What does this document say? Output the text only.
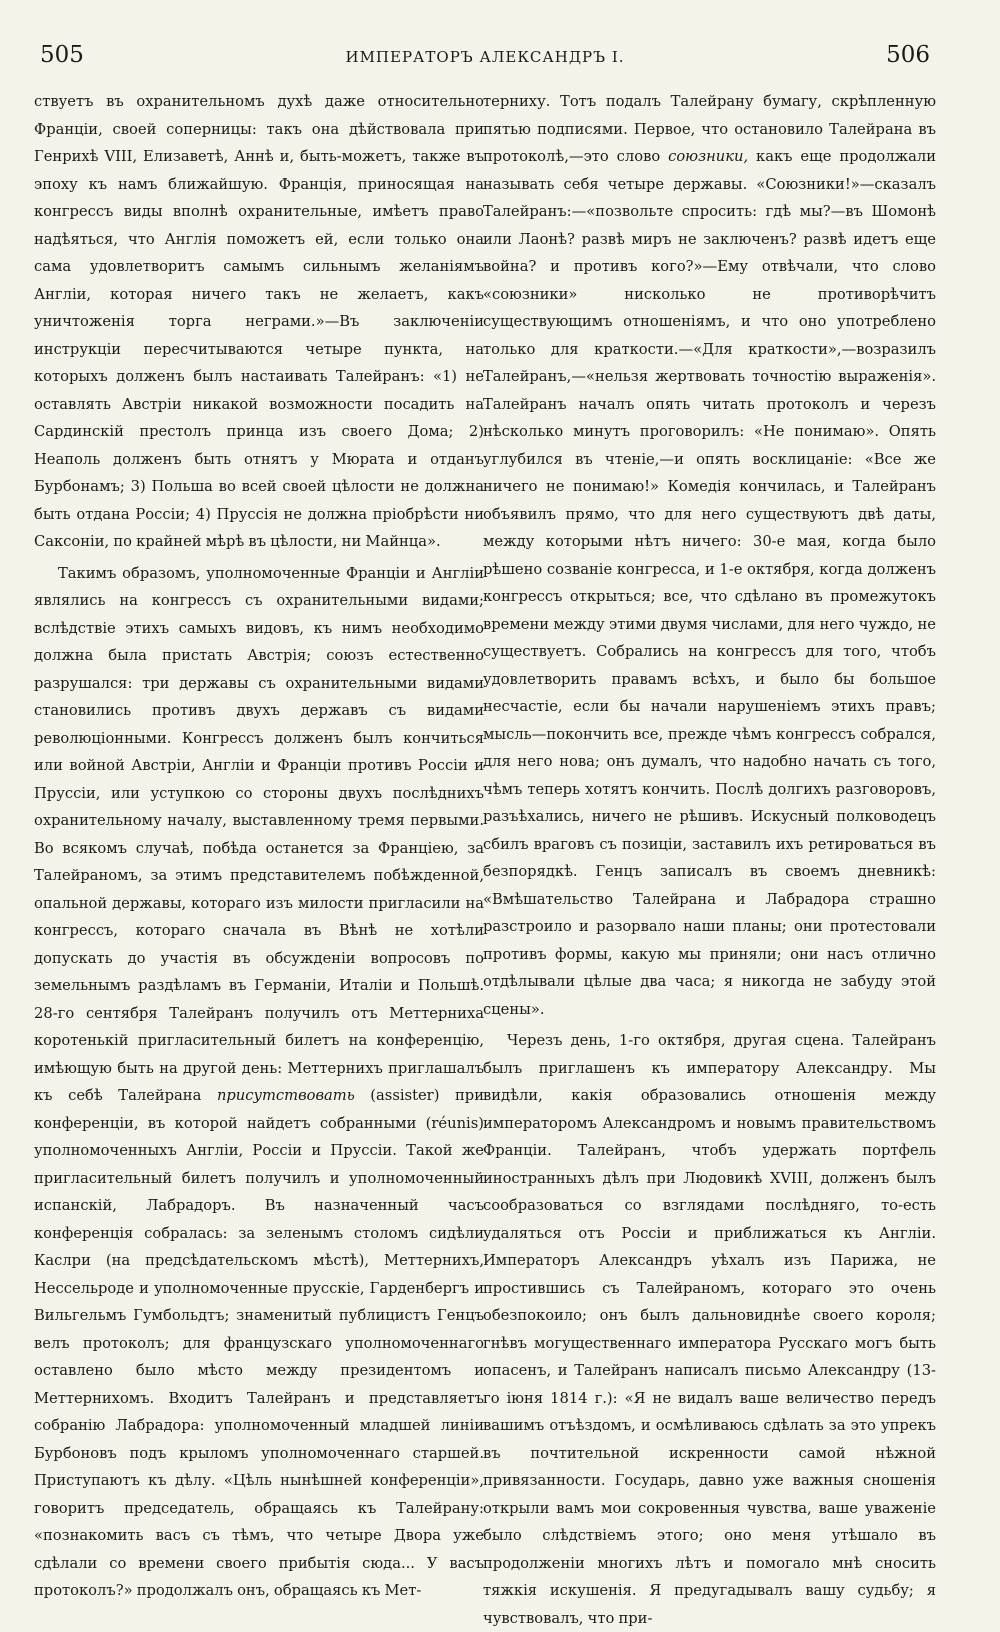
505	ИМПЕРАТОРЪ АЛЕКСАНДРЪ I.	506

ствуетъ въ охранительномъ духѣ даже относительно Франціи, своей соперницы: такъ она дѣйствовала при Генрихѣ VIII, Елизаветѣ, Аннѣ и, быть-можетъ, также въ эпоху къ намъ ближайшую. Франція, приносящая на конгрессъ виды вполнѣ охранительные, имѣетъ право надѣяться, что Англія поможетъ ей, если только она сама удовлетворитъ самымъ сильнымъ желаніямъ Англіи, которая ничего такъ не желаетъ, какъ уничтоженія торга неграми.»—Въ заключеніи инструкціи пересчитываются четыре пункта, на которыхъ долженъ былъ настаивать Талейранъ: «1) не оставлять Австріи никакой возможности посадить на Сардинскій престолъ принца изъ своего Дома; 2) Неаполь долженъ быть отнятъ у Мюрата и отданъ Бурбонамъ; 3) Польша во всей своей цѣлости не должна быть отдана Россіи; 4) Пруссія не должна пріобрѣсти ни Саксоніи, по крайней мѣрѣ въ цѣлости, ни Майнца».

Такимъ образомъ, уполномоченные Франціи и Англіи являлись на конгрессъ съ охранительными видами; вслѣдствіе этихъ самыхъ видовъ, къ нимъ необходимо должна была пристать Австрія; союзъ естественно разрушался: три державы съ охранительными видами становились противъ двухъ державъ съ видами революціонными. Конгрессъ долженъ былъ кончиться или войной Австріи, Англіи и Франціи противъ Россіи и Пруссіи, или уступкою со стороны двухъ послѣднихъ охранительному началу, выставленному тремя первыми. Во всякомъ случаѣ, побѣда останется за Франціею, за Талейраномъ, за этимъ представителемъ побѣжденной, опальной державы, котораго изъ милости пригласили на конгрессъ, котораго сначала въ Вѣнѣ не хотѣли допускать до участія въ обсужденіи вопросовъ по земельнымъ раздѣламъ въ Германіи, Италіи и Польшѣ. 28-го сентября Талейранъ получилъ отъ Меттерниха коротенькій пригласительный билетъ на конференцію, имѣющую быть на другой день: Меттернихъ приглашалъ къ себѣ Талейрана присутствовать (assister) при конференціи, въ которой найдетъ собранными (réunis) уполномоченныхъ Англіи, Россіи и Пруссіи. Такой же пригласительный билетъ получилъ и уполномоченный испанскій, Лабрадоръ. Въ назначенный часъ конференція собралась: за зеленымъ столомъ сидѣли Каслри (на предсѣдательскомъ мѣстѣ), Меттернихъ, Нессельроде и уполномоченные прусскіе, Гарденбергъ и Вильгельмъ Гумбольдтъ; знаменитый публицистъ Генцъ велъ протоколъ; для французскаго уполномоченнаго оставлено было мѣсто между президентомъ и Меттернихомъ. Входитъ Талейранъ и представляетъ собранію Лабрадора: уполномоченный младшей линіи Бурбоновъ подъ крыломъ уполномоченнаго старшей. Приступаютъ къ дѣлу. «Цѣль нынѣшней конференціи», говоритъ председатель, обращаясь къ Талейрану: «познакомить васъ съ тѣмъ, что четыре Двора уже сдѣлали со времени своего прибытія сюда... У васъ протоколъ?» продолжалъ онъ, обращаясь къ Мет-

терниху. Тотъ подалъ Талейрану бумагу, скрѣпленную пятью подписями. Первое, что остановило Талейрана въ протоколѣ,—это слово союзники, какъ еще продолжали называть себя четыре державы. «Союзники!»—сказалъ Талейранъ:—«позвольте спросить: гдѣ мы?—въ Шомонѣ или Лаонѣ? развѣ миръ не заключенъ? развѣ идетъ еще война? и противъ кого?»—Ему отвѣчали, что слово «союзники» нисколько не противорѣчитъ существующимъ отношеніямъ, и что оно употреблено только для краткости.—«Для краткости»,—возразилъ Талейранъ,—«нельзя жертвовать точностію выраженія». Талейранъ началъ опять читать протоколъ и черезъ нѣсколько минутъ проговорилъ: «Не понимаю». Опять углубился въ чтеніе,—и опять восклицаніе: «Все же ничего не понимаю!» Комедія кончилась, и Талейранъ объявилъ прямо, что для него существуютъ двѣ даты, между которыми нѣтъ ничего: 30-е мая, когда было рѣшено созваніе конгресса, и 1-е октября, когда долженъ конгрессъ открыться; все, что сдѣлано въ промежутокъ времени между этими двумя числами, для него чуждо, не существуетъ. Собрались на конгрессъ для того, чтобъ удовлетворить правамъ всѣхъ, и было бы большое несчастіе, если бы начали нарушеніемъ этихъ правъ; мысль—покончить все, прежде чѣмъ конгрессъ собрался, для него нова; онъ думалъ, что надобно начать съ того, чѣмъ теперь хотятъ кончить. Послѣ долгихъ разговоровъ, разъѣхались, ничего не рѣшивъ. Искусный полководецъ сбилъ враговъ съ позиціи, заставилъ ихъ ретироваться въ безпорядкѣ. Генцъ записалъ въ своемъ дневникѣ: «Вмѣшательство Талейрана и Лабрадора страшно разстроило и разорвало наши планы; они протестовали противъ формы, какую мы приняли; они насъ отлично отдѣлывали цѣлые два часа; я никогда не забуду этой сцены».

Черезъ день, 1-го октября, другая сцена. Талейранъ былъ приглашенъ къ императору Александру. Мы видѣли, какія образовались отношенія между императоромъ Александромъ и новымъ правительствомъ Франціи. Талейранъ, чтобъ удержать портфель иностранныхъ дѣлъ при Людовикѣ XVIII, долженъ былъ сообразоваться со взглядами послѣдняго, то-есть удаляться отъ Россіи и приближаться къ Англіи. Императоръ Александръ уѣхалъ изъ Парижа, не простившись съ Талейраномъ, котораго это очень обезпокоило; онъ былъ дальновиднѣе своего короля; гнѣвъ могущественнаго императора Русскаго могъ быть опасенъ, и Талейранъ написалъ письмо Александру (13-го іюня 1814 г.): «Я не видалъ ваше величество передъ вашимъ отъѣздомъ, и осмѣливаюсь сдѣлать за это упрекъ въ почтительной искренности самой нѣжной привязанности. Государь, давно уже важныя сношенія открыли вамъ мои сокровенныя чувства, ваше уваженіе было слѣдствіемъ этого; оно меня утѣшало въ продолженіи многихъ лѣтъ и помогало мнѣ сносить тяжкія искушенія. Я предугадывалъ вашу судьбу; я чувствовалъ, что при-
